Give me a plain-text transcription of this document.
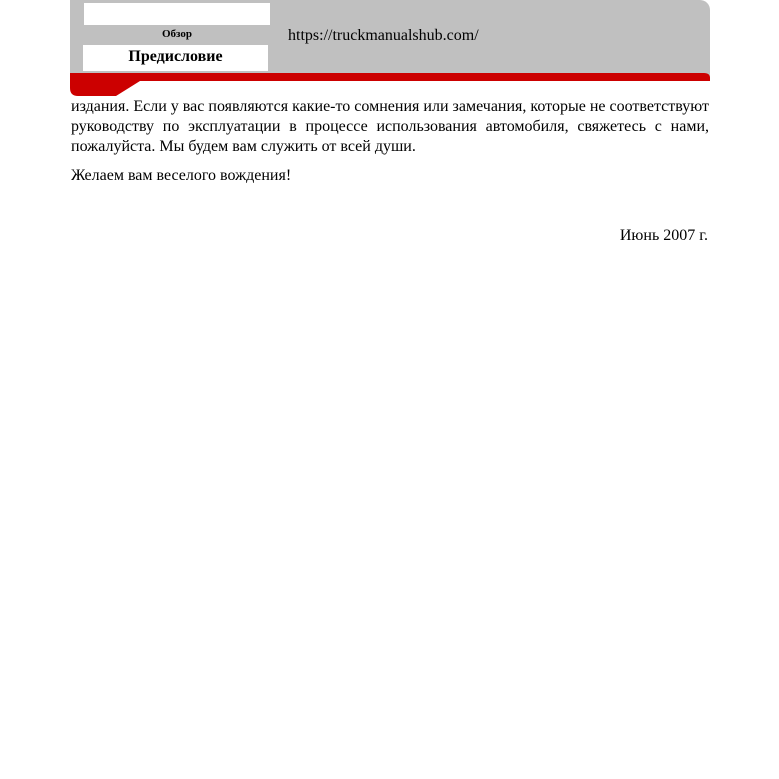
Обзор
Предисловие
https://truckmanualshub.com/

издания. Если у вас появляются какие-то сомнения или замечания, которые не соответствуют руководству по эксплуатации в процессе использования автомобиля, свяжетесь с нами, пожалуйста. Мы будем вам служить от всей души.

Желаем вам веселого вождения!

Июнь 2007 г.
